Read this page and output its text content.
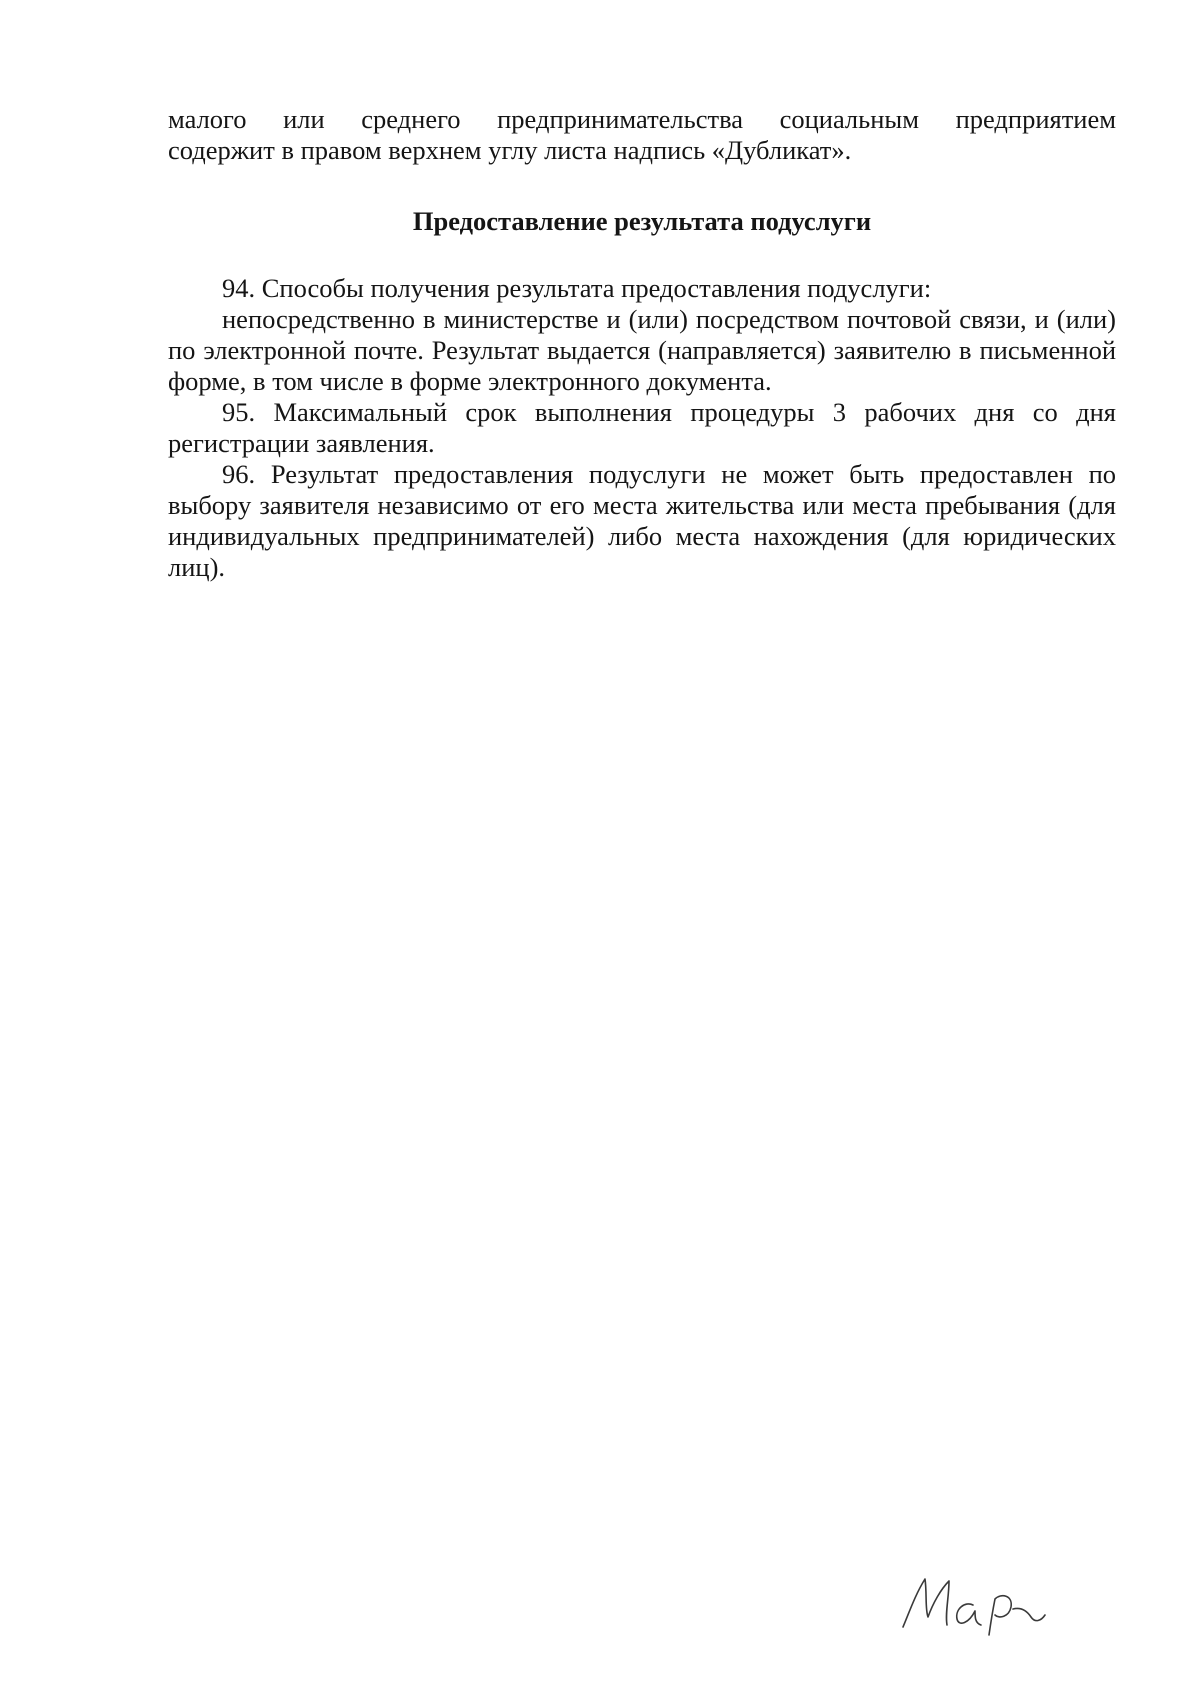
малого или среднего предпринимательства социальным предприятием

содержит в правом верхнем углу листа надпись «Дубликат».

Предоставление результата подуслуги

94. Способы получения результата предоставления подуслуги:

непосредственно в министерстве и (или) посредством почтовой связи, и (или) по электронной почте. Результат выдается (направляется) заявителю в письменной форме, в том числе в форме электронного документа.

95. Максимальный срок выполнения процедуры 3 рабочих дня со дня регистрации заявления.

96. Результат предоставления подуслуги не может быть предоставлен по выбору заявителя независимо от его места жительства или места пребывания (для индивидуальных предпринимателей) либо места нахождения (для юридических лиц).
